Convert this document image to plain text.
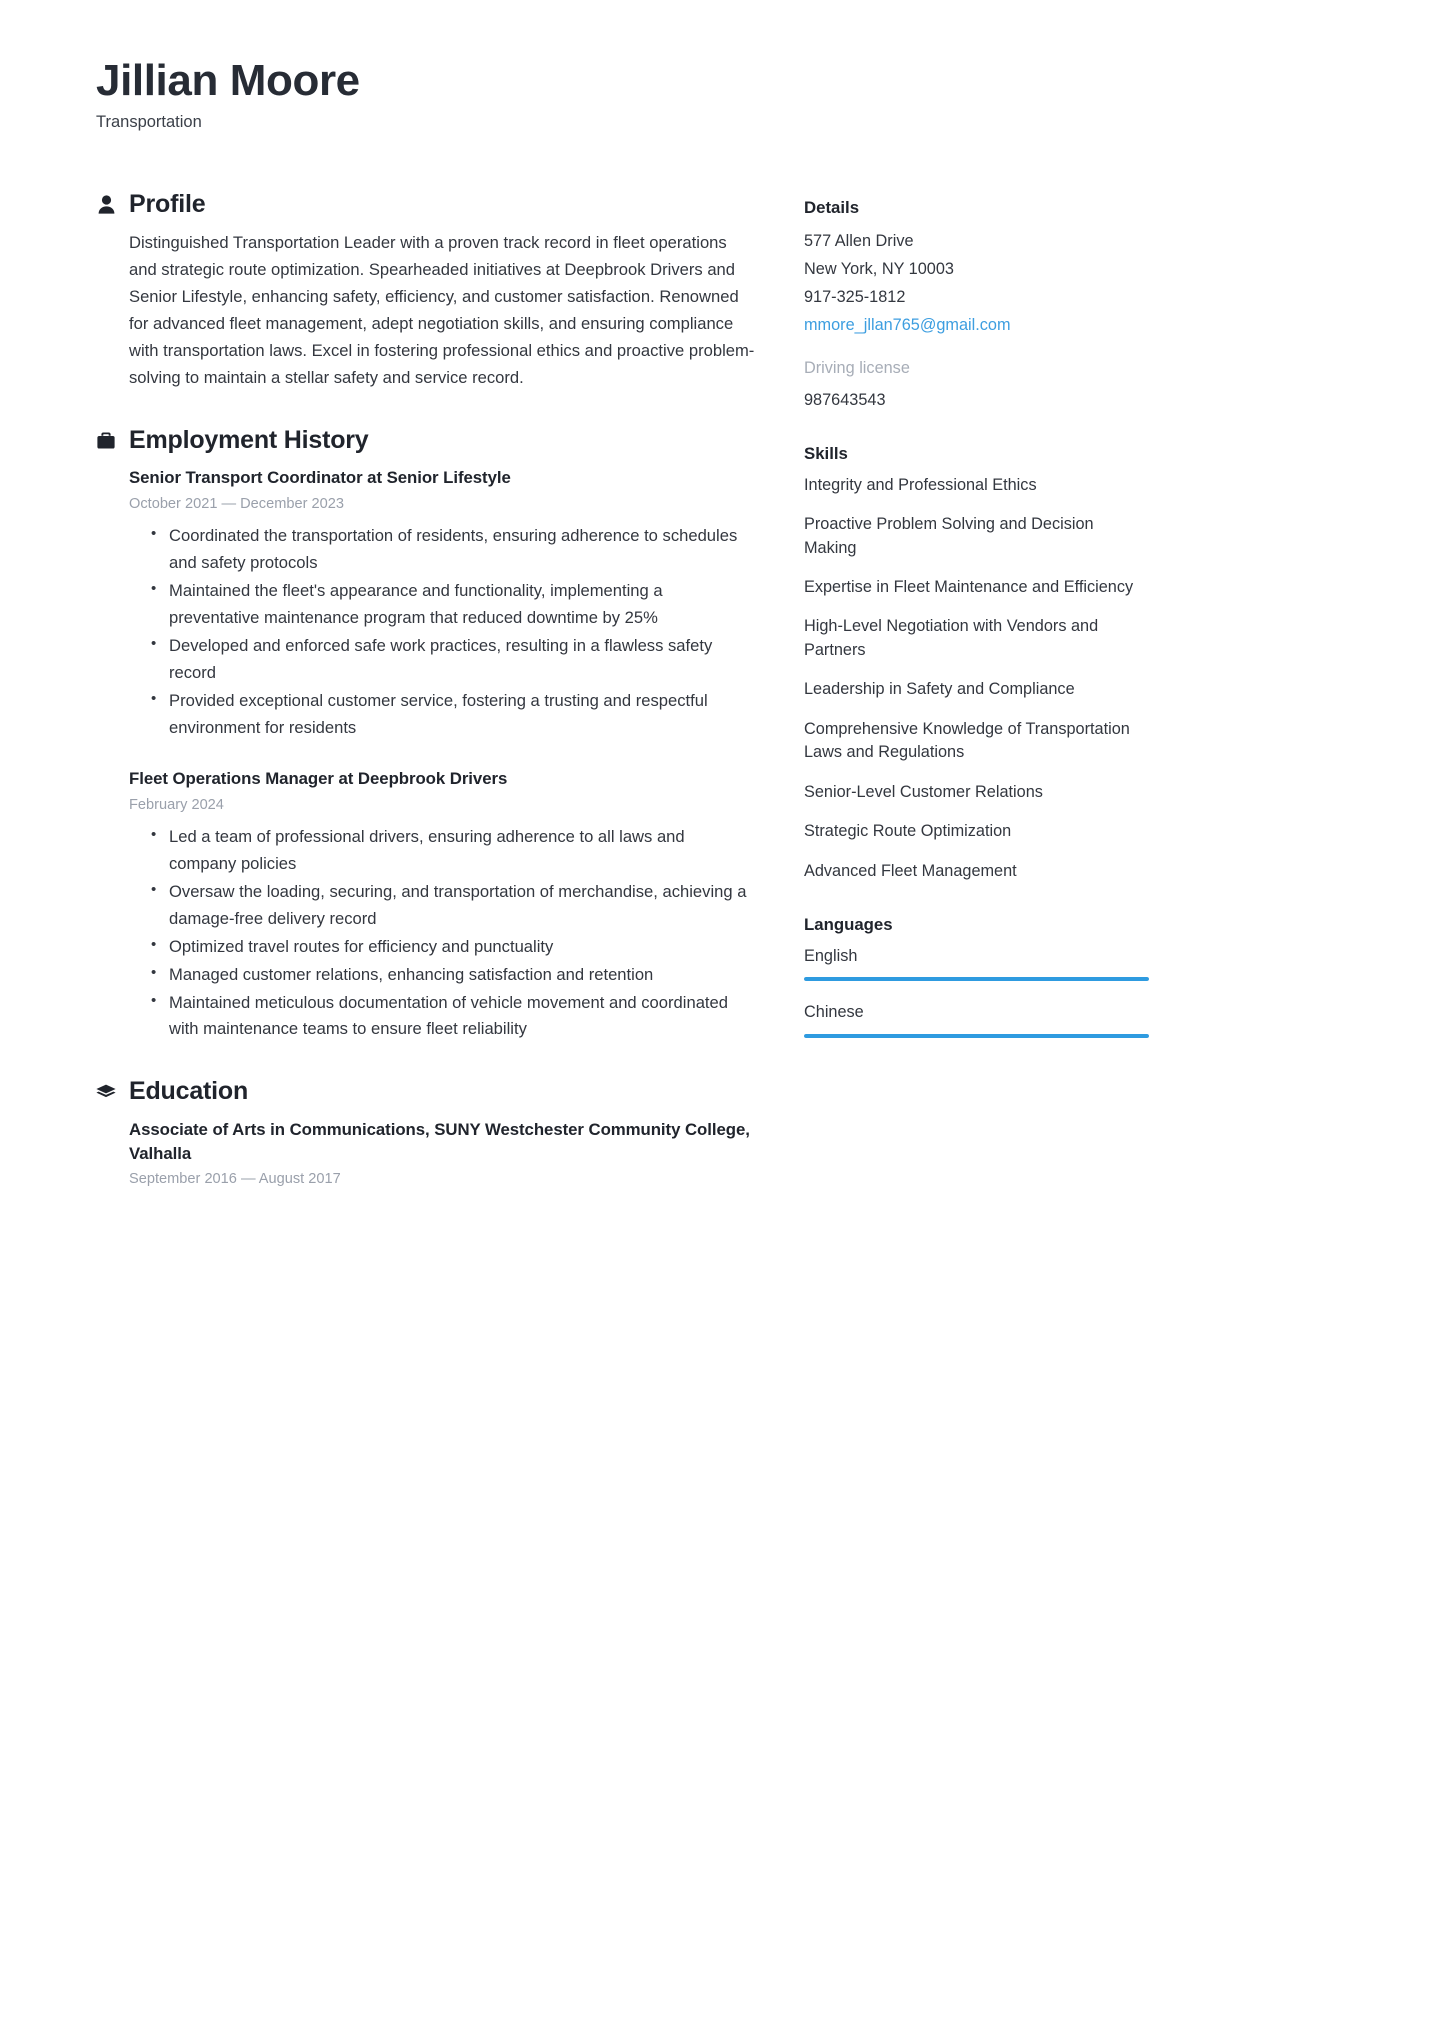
Jillian Moore
Transportation
Profile

Distinguished Transportation Leader with a proven track record in fleet operations and strategic route optimization. Spearheaded initiatives at Deepbrook Drivers and Senior Lifestyle, enhancing safety, efficiency, and customer satisfaction. Renowned for advanced fleet management, adept negotiation skills, and ensuring compliance with transportation laws. Excel in fostering professional ethics and proactive problem-solving to maintain a stellar safety and service record.

Employment History
Senior Transport Coordinator at Senior Lifestyle
October 2021 — December 2023
• Coordinated the transportation of residents, ensuring adherence to schedules and safety protocols
• Maintained the fleet's appearance and functionality, implementing a preventative maintenance program that reduced downtime by 25%
• Developed and enforced safe work practices, resulting in a flawless safety record
• Provided exceptional customer service, fostering a trusting and respectful environment for residents
Fleet Operations Manager at Deepbrook Drivers
February 2024
• Led a team of professional drivers, ensuring adherence to all laws and company policies
• Oversaw the loading, securing, and transportation of merchandise, achieving a damage-free delivery record
• Optimized travel routes for efficiency and punctuality
• Managed customer relations, enhancing satisfaction and retention
• Maintained meticulous documentation of vehicle movement and coordinated with maintenance teams to ensure fleet reliability
Education
Associate of Arts in Communications, SUNY Westchester Community College, Valhalla
September 2016 — August 2017
Details
577 Allen Drive
New York, NY 10003
917-325-1812
mmore_jllan765@gmail.com
Driving license
987643543
Skills
Integrity and Professional Ethics
Proactive Problem Solving and Decision Making
Expertise in Fleet Maintenance and Efficiency
High-Level Negotiation with Vendors and Partners
Leadership in Safety and Compliance
Comprehensive Knowledge of Transportation Laws and Regulations
Senior-Level Customer Relations
Strategic Route Optimization
Advanced Fleet Management
Languages
English
Chinese
